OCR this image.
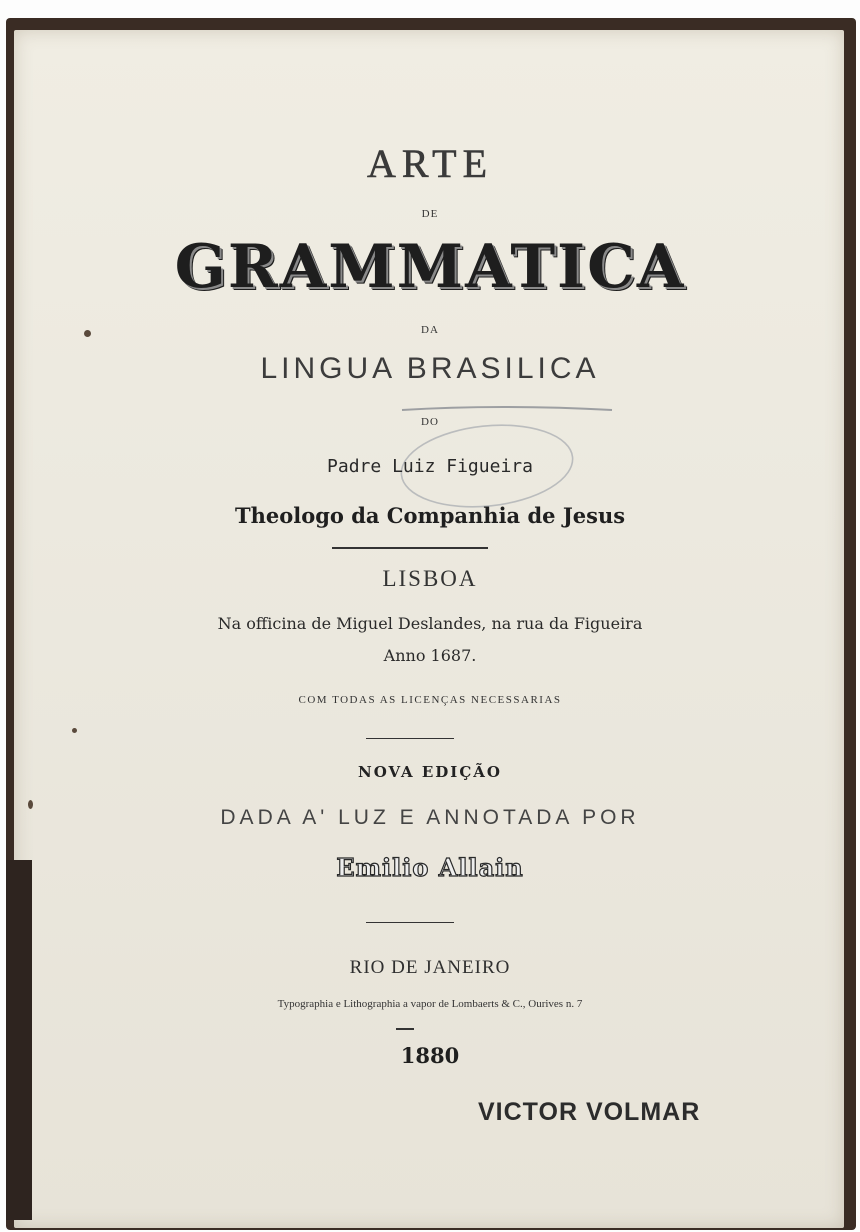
ARTE
DE
GRAMMATICA
DA
LINGUA BRASILICA
DO
Padre Luiz Figueira
Theologo da Companhia de Jesus
LISBOA
Na officina de Miguel Deslandes, na rua da Figueira
Anno 1687.
COM TODAS AS LICENÇAS NECESSARIAS
NOVA EDIÇÃO
DADA A' LUZ E ANNOTADA POR
Emilio Allain
RIO DE JANEIRO
Typographia e Lithographia a vapor de Lombaerts & C., Ourives n. 7
1880
VICTOR VOLMAR
